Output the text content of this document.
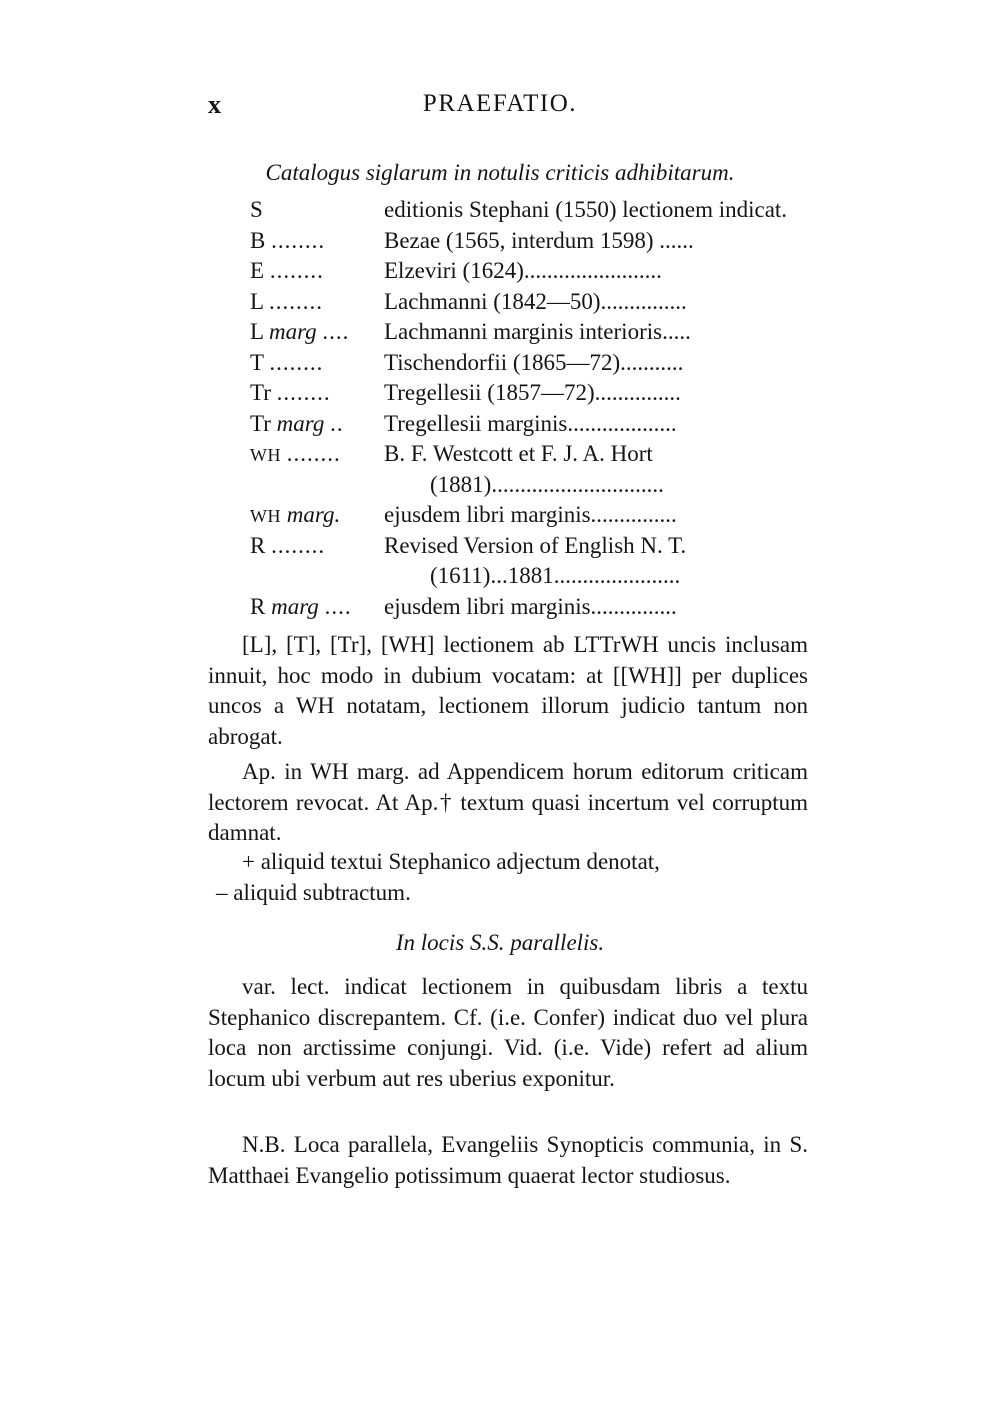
x	PRAEFATIO.
Catalogus siglarum in notulis criticis adhibitarum.
S	editionis Stephani (1550) lectionem indicat.
B ........	Bezae (1565, interdum 1598) ......
E ........	Elzeviri (1624)........................
L ........	Lachmanni (1842—50)...............
L marg .... Lachmanni marginis interioris.....
T ........	Tischendorfii (1865—72)...........
Tr ........ Tregellesii (1857—72)...............
Tr marg .. Tregellesii marginis...................
WH ........ B. F. Westcott et F. J. A. Hort
(1881)..............................
WH marg. ejusdem libri marginis...............
R ........	Revised Version of English N. T.
(1611)...1881......................
R marg .... ejusdem libri marginis...............

[L], [T], [Tr], [WH] lectionem ab LTTrWH uncis inclusam innuit, hoc modo in dubium vocatam: at [[WH]] per duplices uncos a WH notatam, lectionem illorum judicio tantum non abrogat.

Ap. in WH marg. ad Appendicem horum editorum criticam lectorem revocat. At Ap.† textum quasi incertum vel corruptum damnat.

+ aliquid textui Stephanico adjectum denotat,

– aliquid subtractum.

In locis S.S. parallelis.

var. lect. indicat lectionem in quibusdam libris a textu Stephanico discrepantem. Cf. (i.e. Confer) indicat duo vel plura loca non arctissime conjungi. Vid. (i.e. Vide) refert ad alium locum ubi verbum aut res uberius exponitur.

N.B. Loca parallela, Evangeliis Synopticis communia, in S. Matthaei Evangelio potissimum quaerat lector studiosus.
